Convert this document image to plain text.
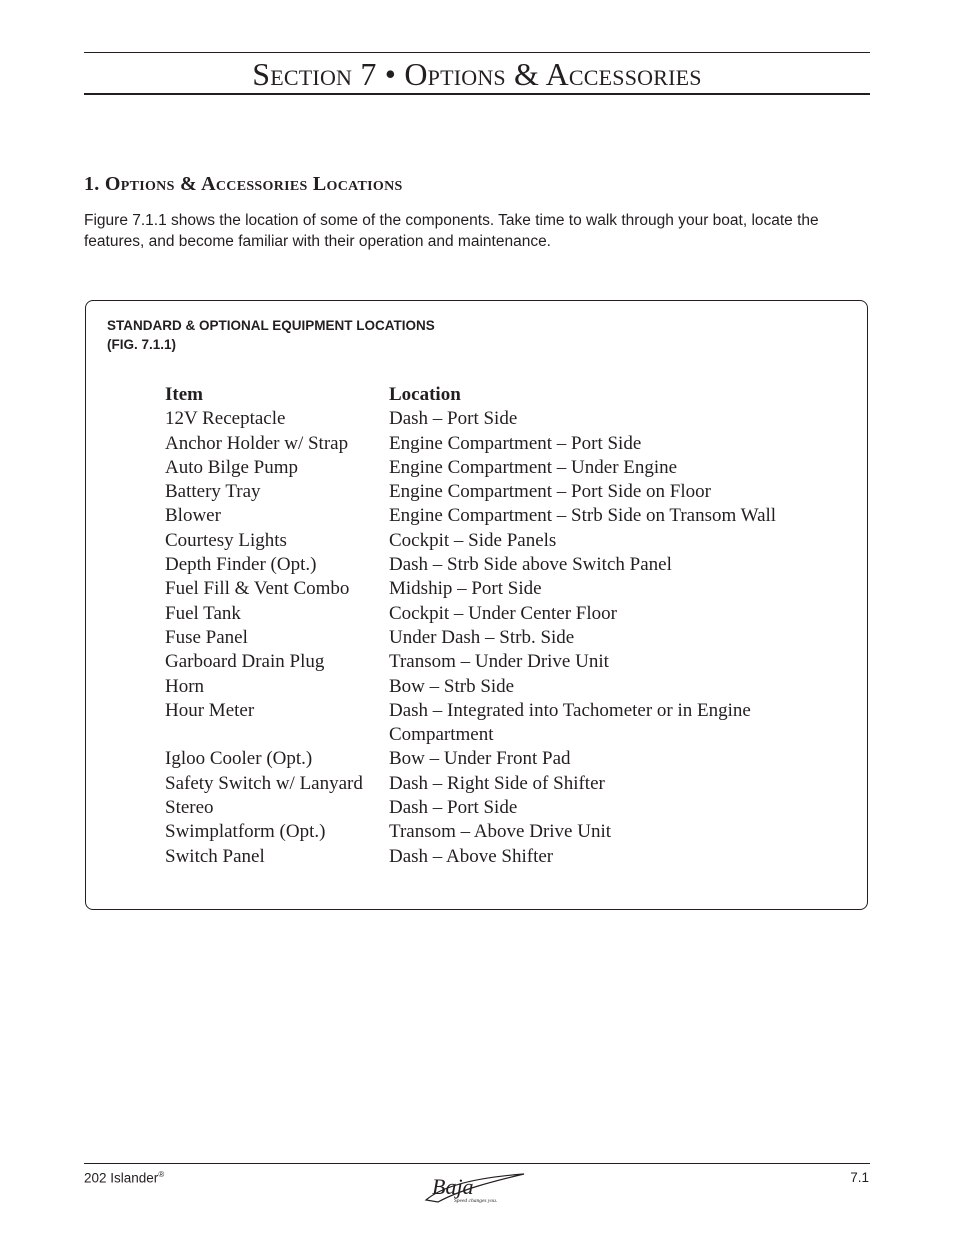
Section 7 • Options & Accessories
1. Options & Accessories Locations

Figure 7.1.1 shows the location of some of the components. Take time to walk through your boat, locate the features, and become familiar with their operation and maintenance.

STANDARD & OPTIONAL EQUIPMENT LOCATIONS
(FIG. 7.1.1)

Item	Location
12V Receptacle	Dash – Port Side
Anchor Holder w/ Strap	Engine Compartment – Port Side
Auto Bilge Pump	Engine Compartment – Under Engine
Battery Tray	Engine Compartment – Port Side on Floor
Blower	Engine Compartment – Strb Side on Transom Wall
Courtesy Lights	Cockpit – Side Panels
Depth Finder (Opt.)	Dash – Strb Side above Switch Panel
Fuel Fill & Vent Combo	Midship – Port Side
Fuel Tank	Cockpit – Under Center Floor
Fuse Panel	Under Dash – Strb. Side
Garboard Drain Plug	Transom – Under Drive Unit
Horn	Bow – Strb Side
Hour Meter	Dash – Integrated into Tachometer or in Engine Compartment
Igloo Cooler (Opt.)	Bow – Under Front Pad
Safety Switch w/ Lanyard	Dash – Right Side of Shifter
Stereo	Dash – Port Side
Swimplatform (Opt.)	Transom – Above Drive Unit
Switch Panel	Dash – Above Shifter
202 Islander®	Baja
Speed changes you.
7.1
